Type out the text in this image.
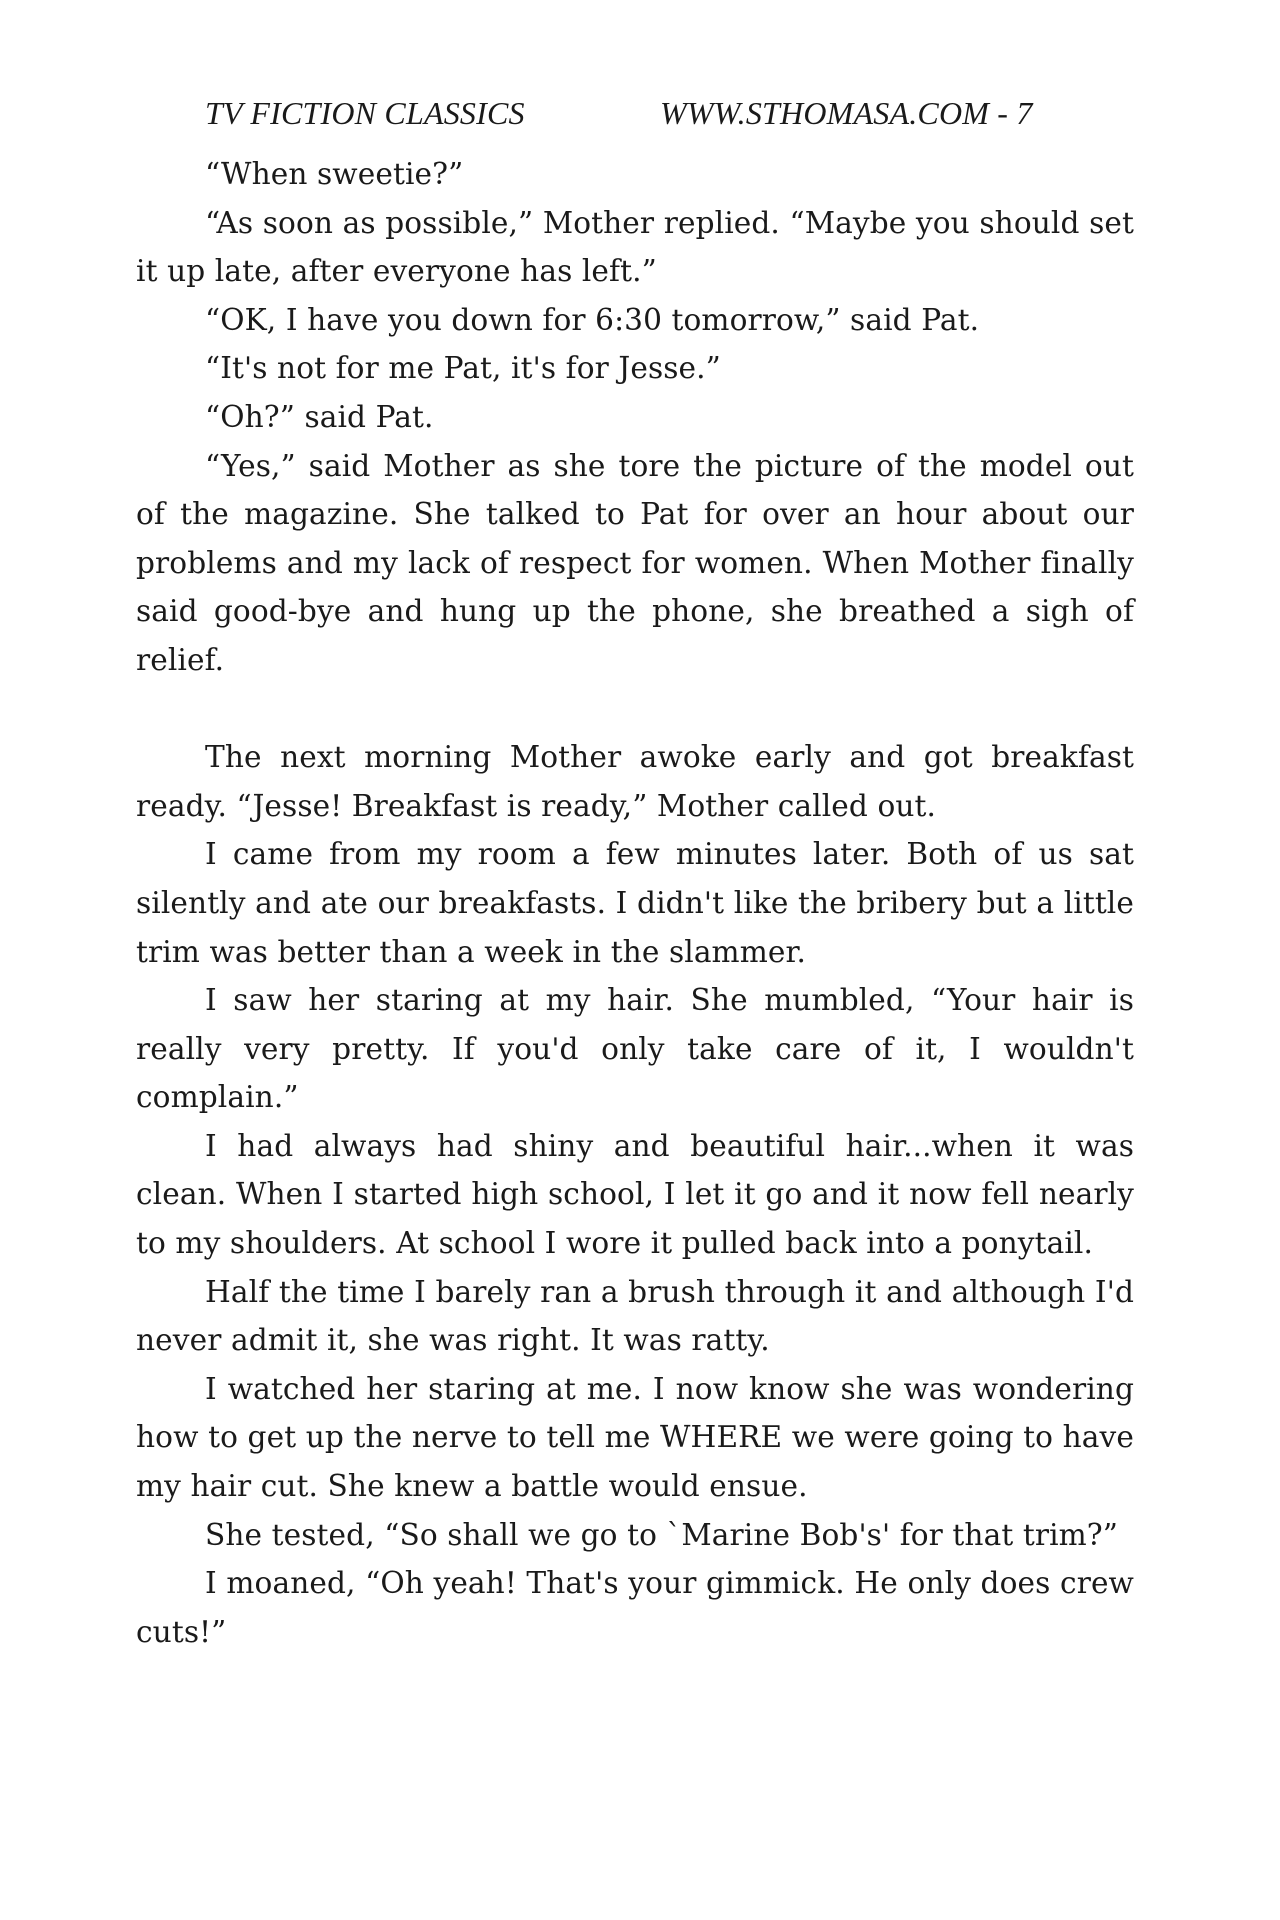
TV FICTION CLASSICS	WWW.STHOMASA.COM - 7

“When sweetie?”

“As soon as possible,” Mother replied. “Maybe you should set it up late, after everyone has left.”

“OK, I have you down for 6:30 tomorrow,” said Pat.

“It's not for me Pat, it's for Jesse.”

“Oh?” said Pat.

“Yes,” said Mother as she tore the picture of the model out of the magazine. She talked to Pat for over an hour about our problems and my lack of respect for women. When Mother finally said good-bye and hung up the phone, she breathed a sigh of relief.

The next morning Mother awoke early and got breakfast ready. “Jesse! Breakfast is ready,” Mother called out.

I came from my room a few minutes later. Both of us sat silently and ate our breakfasts. I didn't like the bribery but a little trim was better than a week in the slammer.

I saw her staring at my hair. She mumbled, “Your hair is really very pretty. If you'd only take care of it, I wouldn't complain.”

I had always had shiny and beautiful hair...when it was clean. When I started high school, I let it go and it now fell nearly to my shoulders. At school I wore it pulled back into a ponytail.

Half the time I barely ran a brush through it and although I'd never admit it, she was right. It was ratty.

I watched her staring at me. I now know she was wondering how to get up the nerve to tell me WHERE we were going to have my hair cut. She knew a battle would ensue.

She tested, “So shall we go to `Marine Bob's' for that trim?”

I moaned, “Oh yeah! That's your gimmick. He only does crew cuts!”
